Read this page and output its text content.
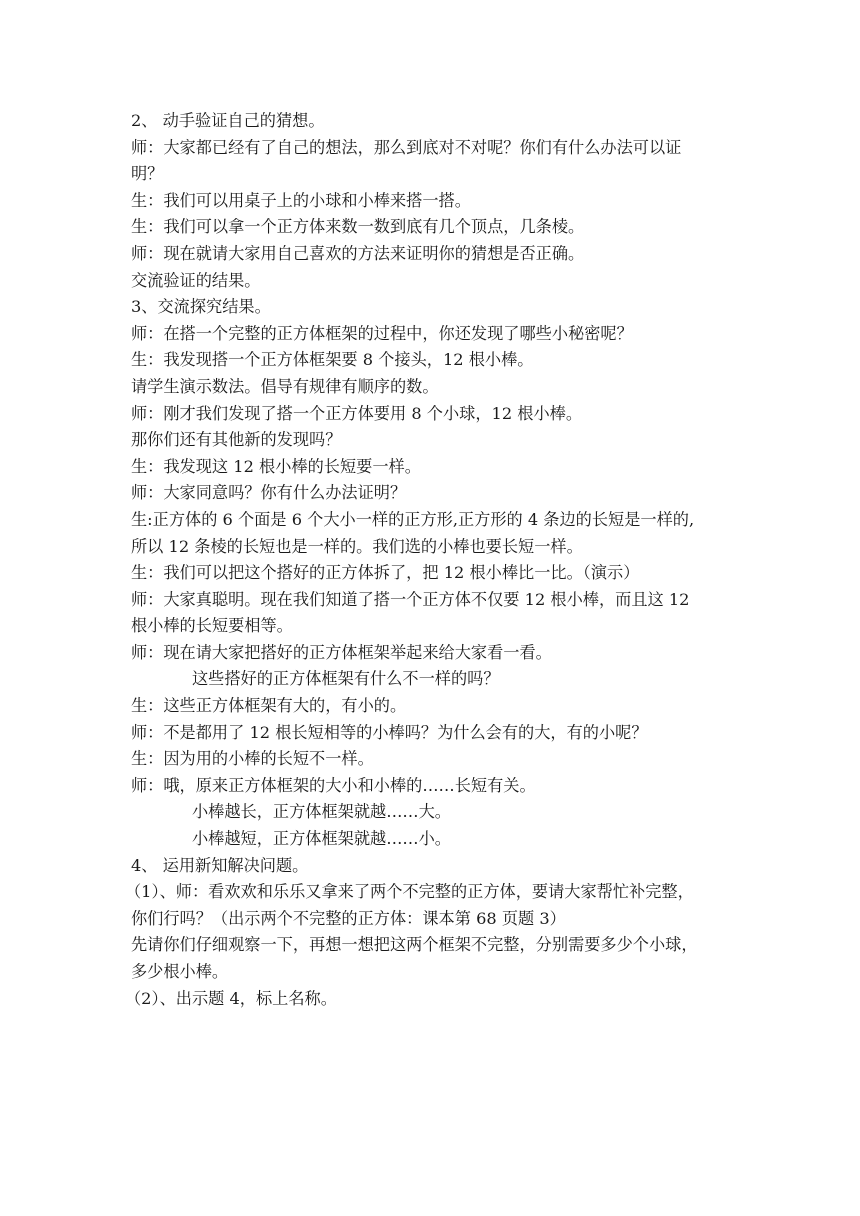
2、 动手验证自己的猜想。

师：大家都已经有了自己的想法，那么到底对不对呢？你们有什么办法可以证

明？

生：我们可以用桌子上的小球和小棒来搭一搭。

生：我们可以拿一个正方体来数一数到底有几个顶点，几条棱。

师：现在就请大家用自己喜欢的方法来证明你的猜想是否正确。

交流验证的结果。

3、交流探究结果。

师：在搭一个完整的正方体框架的过程中，你还发现了哪些小秘密呢？

生：我发现搭一个正方体框架要 8 个接头，12 根小棒。

请学生演示数法。倡导有规律有顺序的数。

师：刚才我们发现了搭一个正方体要用 8 个小球，12 根小棒。

那你们还有其他新的发现吗？

生：我发现这 12 根小棒的长短要一样。

师：大家同意吗？你有什么办法证明？

生:正方体的 6 个面是 6 个大小一样的正方形,正方形的 4 条边的长短是一样的,

所以 12 条棱的长短也是一样的。我们选的小棒也要长短一样。

生：我们可以把这个搭好的正方体拆了，把 12 根小棒比一比。（演示）

师：大家真聪明。现在我们知道了搭一个正方体不仅要 12 根小棒，而且这 12

根小棒的长短要相等。

师：现在请大家把搭好的正方体框架举起来给大家看一看。

这些搭好的正方体框架有什么不一样的吗？

生：这些正方体框架有大的，有小的。

师：不是都用了 12 根长短相等的小棒吗？为什么会有的大，有的小呢？

生：因为用的小棒的长短不一样。

师：哦，原来正方体框架的大小和小棒的……长短有关。

小棒越长，正方体框架就越……大。

小棒越短，正方体框架就越……小。

4、 运用新知解决问题。

（1）、师：看欢欢和乐乐又拿来了两个不完整的正方体，要请大家帮忙补完整，

你们行吗？（出示两个不完整的正方体：课本第 68 页题 3）

先请你们仔细观察一下，再想一想把这两个框架不完整，分别需要多少个小球，

多少根小棒。

（2）、出示题 4，标上名称。
